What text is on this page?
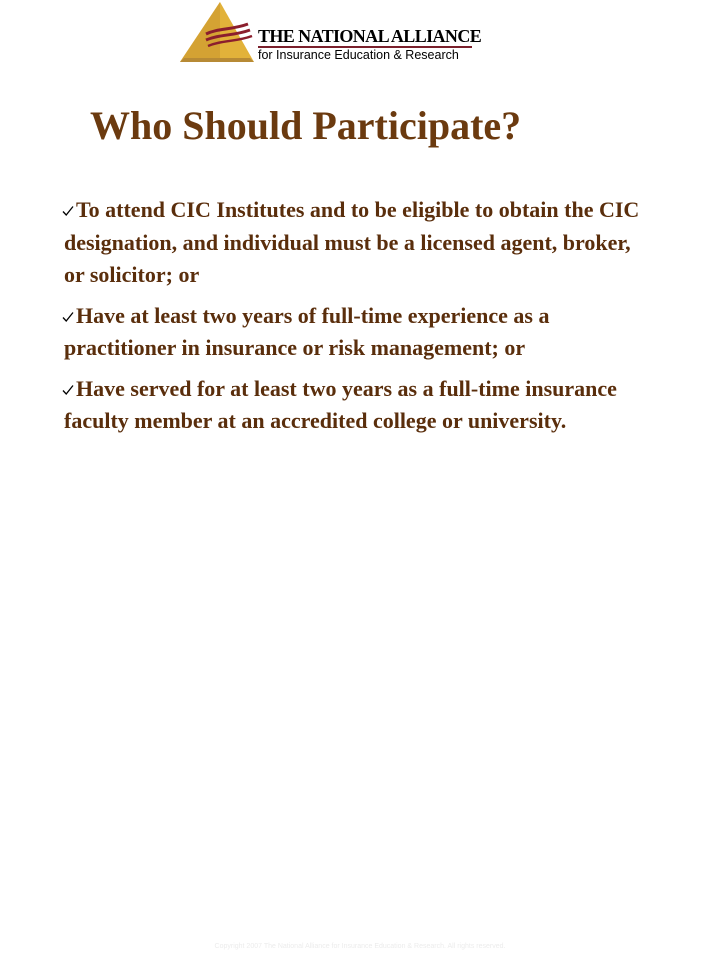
THE NATIONAL ALLIANCE
for Insurance Education & Research
Who Should Participate?
To attend CIC Institutes and to be eligible to obtain the CIC designation, and individual must be a licensed agent, broker, or solicitor; or
Have at least two years of full-time experience as a practitioner in insurance or risk management; or
Have served for at least two years as a full-time insurance faculty member at an accredited college or university.
Copyright 2007 The National Alliance for Insurance Education & Research. All rights reserved.
